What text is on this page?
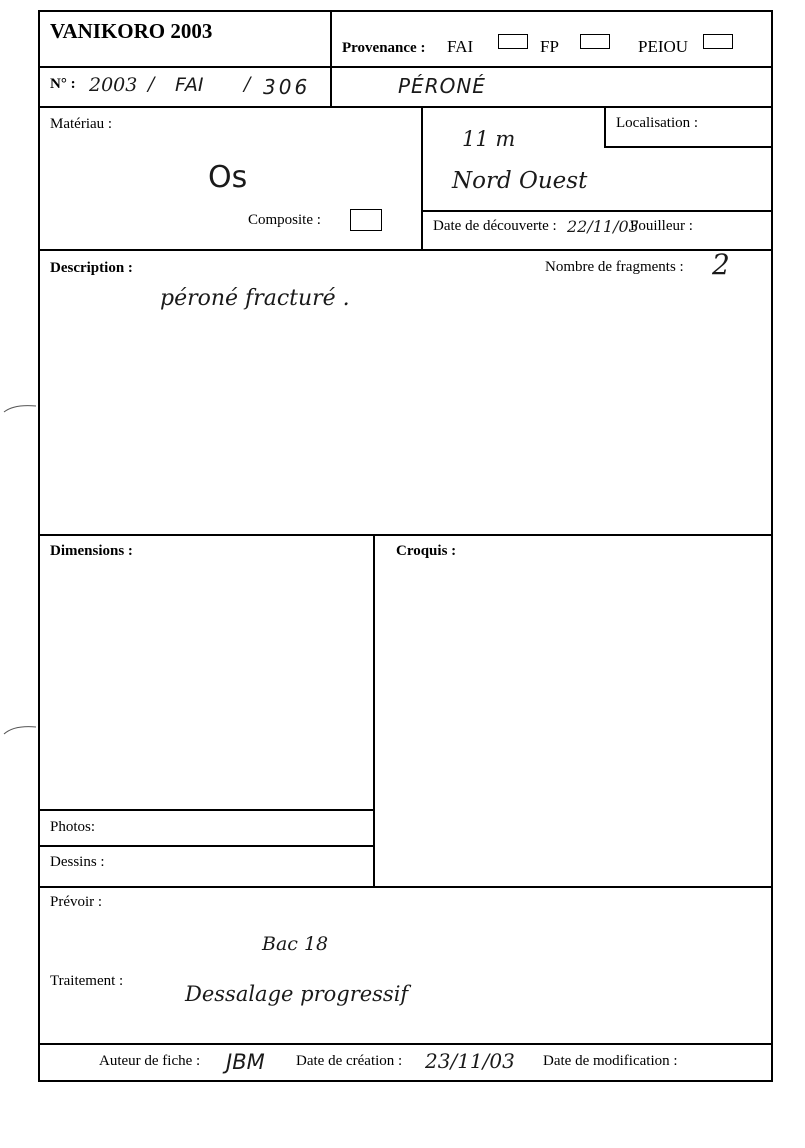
VANIKORO 2003
Provenance : FAI	FP	PEIOU
N° : 2003 / FAI / 306	PÉRONÉ
Matériau :
Os
Composite :
Localisation :
11 m
Nord Ouest
Date de découverte : 22/11/03
Fouilleur :
Description :	Nombre de fragments : 2
péroné fracturé .
Dimensions :	Croquis :
Photos:
Dessins :
Prévoir :
Bac 18
Traitement :
Dessalage progressif
Auteur de fiche : JBM Date de création : 23/11/03 Date de modification :
